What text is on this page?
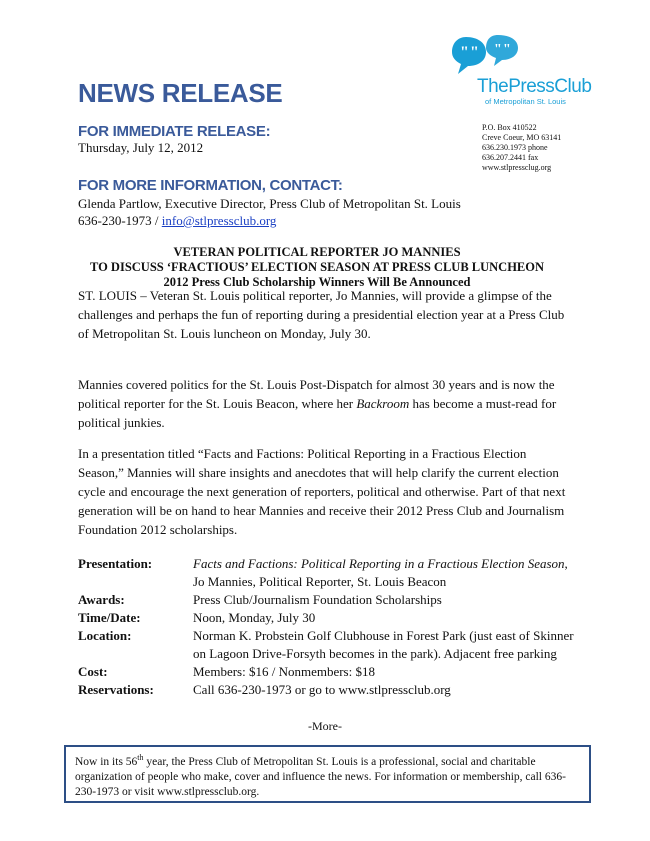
" " " "
ThePressClub
of Metropolitan St. Louis
P.O. Box 410522
Creve Coeur, MO 63141
636.230.1973 phone
636.207.2441 fax
www.stlpressclug.org
NEWS RELEASE
FOR IMMEDIATE RELEASE:
Thursday, July 12, 2012
FOR MORE INFORMATION, CONTACT:
Glenda Partlow, Executive Director, Press Club of Metropolitan St. Louis
636-230-1973 / info@stlpressclub.org
VETERAN POLITICAL REPORTER JO MANNIES
TO DISCUSS ‘FRACTIOUS’ ELECTION SEASON AT PRESS CLUB LUNCHEON
2012 Press Club Scholarship Winners Will Be Announced
ST. LOUIS – Veteran St. Louis political reporter, Jo Mannies, will provide a glimpse of the challenges and perhaps the fun of reporting during a presidential election year at a Press Club of Metropolitan St. Louis luncheon on Monday, July 30.
Mannies covered politics for the St. Louis Post-Dispatch for almost 30 years and is now the political reporter for the St. Louis Beacon, where her Backroom has become a must-read for political junkies.
In a presentation titled “Facts and Factions: Political Reporting in a Fractious Election Season,” Mannies will share insights and anecdotes that will help clarify the current election cycle and encourage the next generation of reporters, political and otherwise. Part of that next generation will be on hand to hear Mannies and receive their 2012 Press Club and Journalism Foundation 2012 scholarships.
Presentation:	Facts and Factions: Political Reporting in a Fractious Election Season, Jo Mannies, Political Reporter, St. Louis Beacon
Awards:	Press Club/Journalism Foundation Scholarships
Time/Date:	Noon, Monday, July 30
Location:	Norman K. Probstein Golf Clubhouse in Forest Park (just east of Skinner on Lagoon Drive-Forsyth becomes in the park). Adjacent free parking
Cost:	Members: $16 / Nonmembers: $18
Reservations:	Call 636-230-1973 or go to www.stlpressclub.org
-More-
Now in its 56th year, the Press Club of Metropolitan St. Louis is a professional, social and charitable organization of people who make, cover and influence the news. For information or membership, call 636-230-1973 or visit www.stlpressclub.org.
